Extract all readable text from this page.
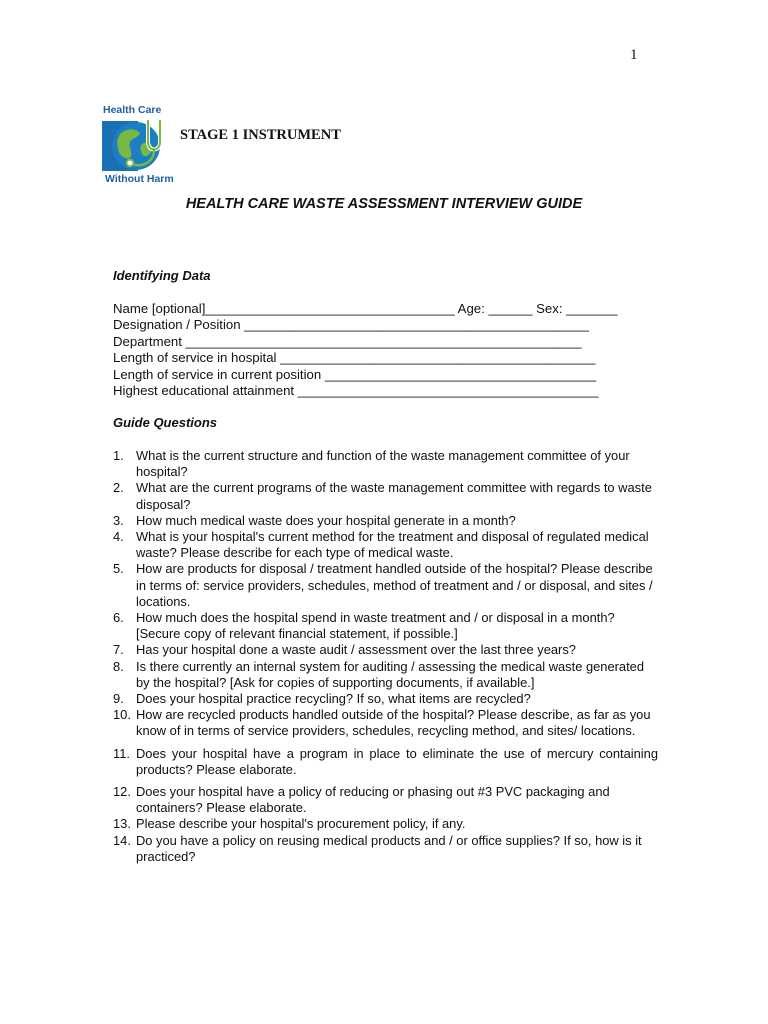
1
Health Care
Without Harm
STAGE 1 INSTRUMENT
HEALTH CARE WASTE ASSESSMENT INTERVIEW GUIDE
Identifying Data
Name [optional]__________________________________ Age: ______ Sex: _______
Designation / Position _______________________________________________
Department ______________________________________________________
Length of service in hospital ___________________________________________
Length of service in current position _____________________________________
Highest educational attainment _________________________________________
Guide Questions
1. What is the current structure and function of the waste management committee of your hospital?
2. What are the current programs of the waste management committee with regards to waste disposal?
3. How much medical waste does your hospital generate in a month?
4. What is your hospital's current method for the treatment and disposal of regulated medical waste? Please describe for each type of medical waste.
5. How are products for disposal / treatment handled outside of the hospital? Please describe in terms of: service providers, schedules, method of treatment and / or disposal, and sites / locations.
6. How much does the hospital spend in waste treatment and / or disposal in a month? [Secure copy of relevant financial statement, if possible.]
7. Has your hospital done a waste audit / assessment over the last three years?
8. Is there currently an internal system for auditing / assessing the medical waste generated by the hospital? [Ask for copies of supporting documents, if available.]
9. Does your hospital practice recycling? If so, what items are recycled?
10. How are recycled products handled outside of the hospital? Please describe, as far as you know of in terms of service providers, schedules, recycling method, and sites/ locations.
11. Does your hospital have a program in place to eliminate the use of mercury containing products? Please elaborate.
12. Does your hospital have a policy of reducing or phasing out #3 PVC packaging and containers? Please elaborate.
13. Please describe your hospital's procurement policy, if any.
14. Do you have a policy on reusing medical products and / or office supplies? If so, how is it practiced?
